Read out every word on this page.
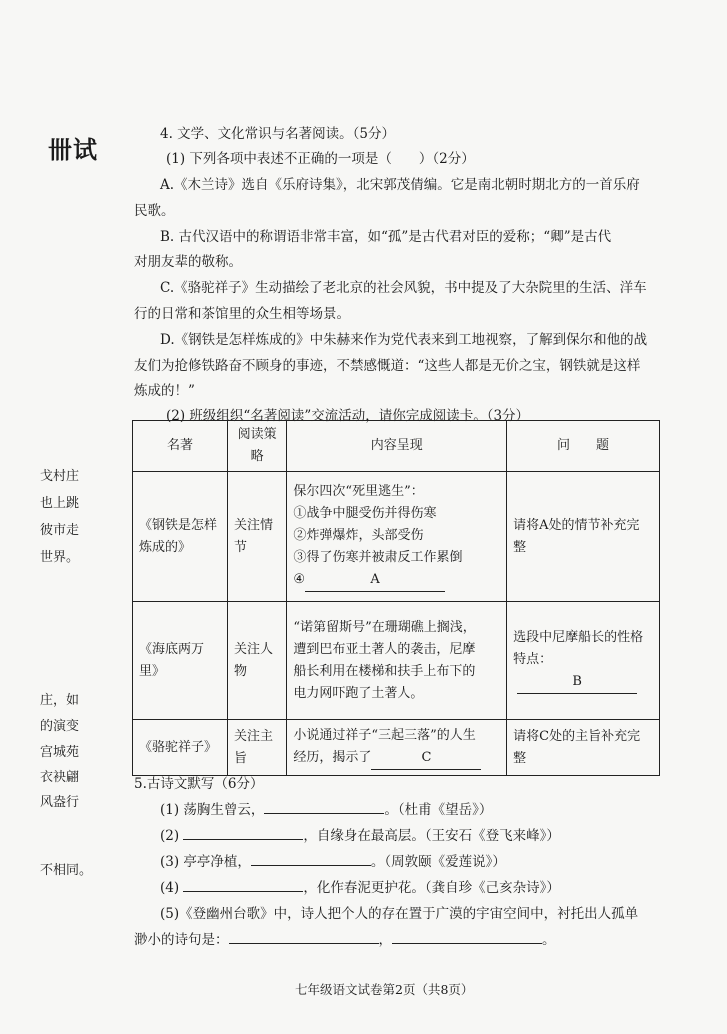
卌试
戈村庄
也上跳
彼市走
世界。
庄，如
的演变
宫城苑
衣袂翩
风盎行
不相同。
4. 文学、文化常识与名著阅读。（5分）
(1) 下列各项中表述不正确的一项是（　　）（2分）
A.《木兰诗》选自《乐府诗集》，北宋郭茂倩编。它是南北朝时期北方的一首乐府
民歌。
B. 古代汉语中的称谓语非常丰富，如“孤”是古代君对臣的爱称；“卿”是古代
对朋友辈的敬称。
C.《骆驼祥子》生动描绘了老北京的社会风貌，书中提及了大杂院里的生活、洋车
行的日常和茶馆里的众生相等场景。
D.《钢铁是怎样炼成的》中朱赫来作为党代表来到工地视察，了解到保尔和他的战
友们为抢修铁路奋不顾身的事迹，不禁感慨道：“这些人都是无价之宝，钢铁就是这样
炼成的！”
(2) 班级组织“名著阅读”交流活动，请你完成阅读卡。（3分）
名著	阅读策略	内容呈现	问　　题

《钢铁是怎样
炼成的》	关注情节	保尔四次“死里逃生”：
①战争中腿受伤并得伤寒
②炸弹爆炸，头部受伤
③得了伤寒并被肃反工作累倒
④ A	请将A处的情节补充完
整

《海底两万里》	关注人物	“诺第留斯号”在珊瑚礁上搁浅，
遭到巴布亚土著人的袭击，尼摩
船长利用在楼梯和扶手上布下的
电力网吓跑了土著人。	选段中尼摩船长的性格
特点：
B

《骆驼祥子》	关注主旨	小说通过祥子“三起三落”的人生
经历，揭示了 C	请将C处的主旨补充完
整
5.古诗文默写（6分）
(1) 荡胸生曾云，	。（杜甫《望岳》）
(2)	，自缘身在最高层。（王安石《登飞来峰》）
(3) 亭亭净植，	。（周敦颐《爱莲说》）
(4)	，化作春泥更护花。（龚自珍《己亥杂诗》）
(5)《登幽州台歌》中，诗人把个人的存在置于广漠的宇宙空间中，衬托出人孤单
渺小的诗句是：	，	。
七年级语文试卷第2页（共8页）
